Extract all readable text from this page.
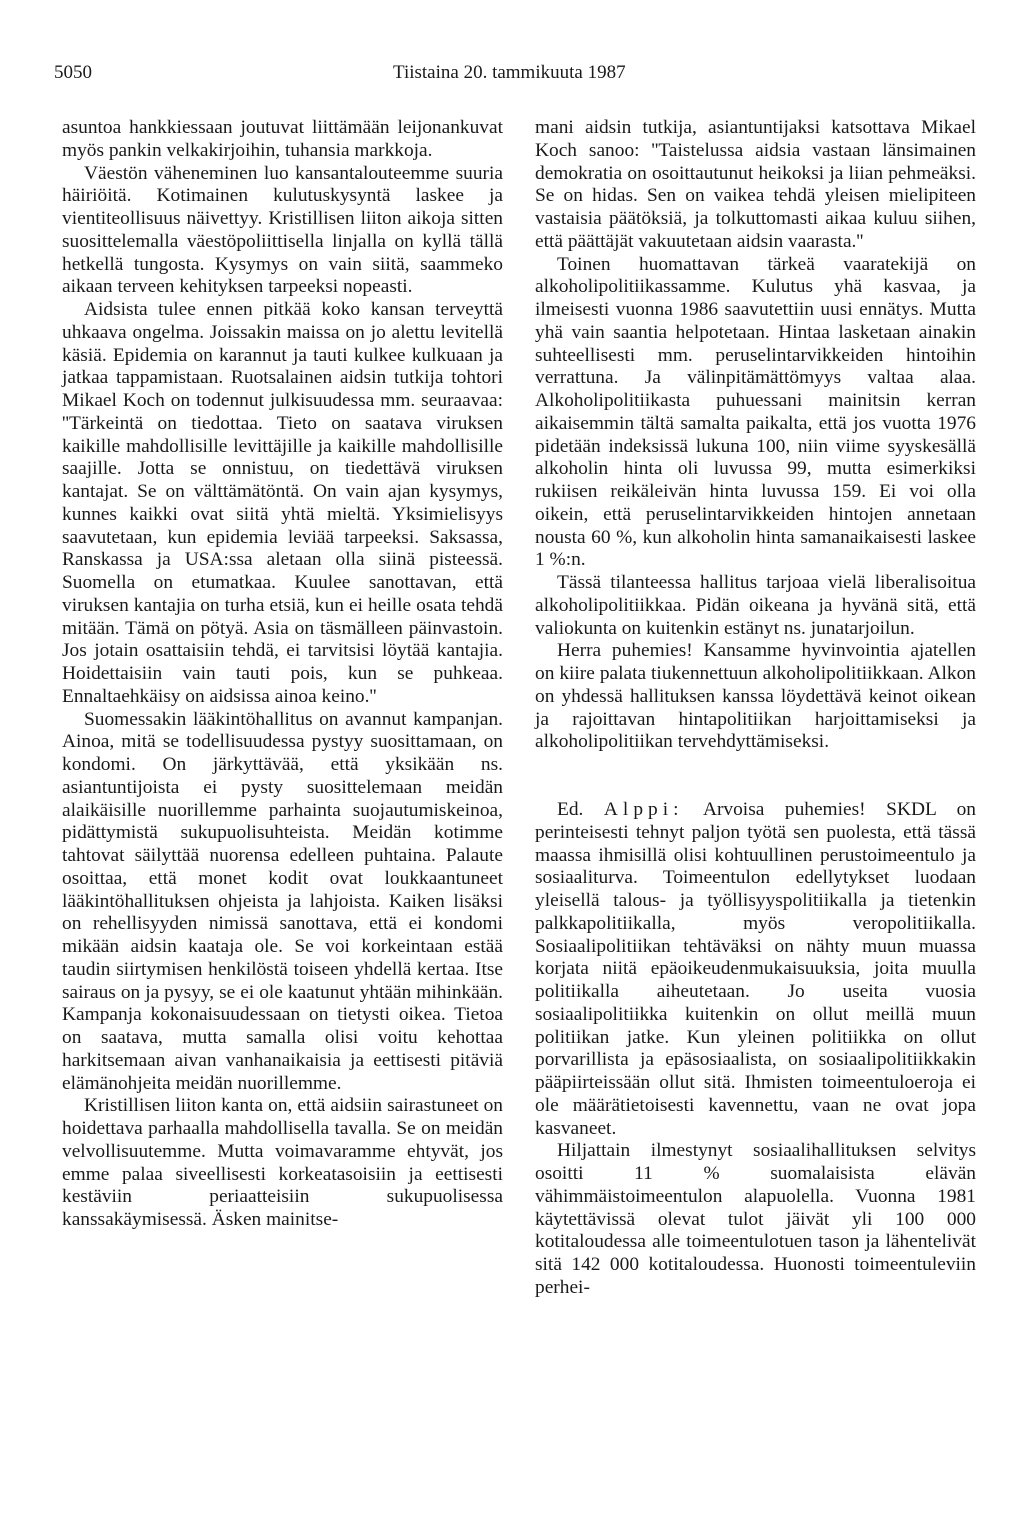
5050	Tiistaina 20. tammikuuta 1987

asuntoa hankkiessaan joutuvat liittämään leijonankuvat myös pankin velkakirjoihin, tuhansia markkoja.

Väestön väheneminen luo kansantalouteemme suuria häiriöitä. Kotimainen kulutuskysyntä laskee ja vientiteollisuus näivettyy. Kristillisen liiton aikoja sitten suosittelemalla väestöpoliittisella linjalla on kyllä tällä hetkellä tungosta. Kysymys on vain siitä, saammeko aikaan terveen kehityksen tarpeeksi nopeasti.

Aidsista tulee ennen pitkää koko kansan terveyttä uhkaava ongelma. Joissakin maissa on jo alettu levitellä käsiä. Epidemia on karannut ja tauti kulkee kulkuaan ja jatkaa tappamistaan. Ruotsalainen aidsin tutkija tohtori Mikael Koch on todennut julkisuudessa mm. seuraavaa: ''Tärkeintä on tiedottaa. Tieto on saatava viruksen kaikille mahdollisille levittäjille ja kaikille mahdollisille saajille. Jotta se onnistuu, on tiedettävä viruksen kantajat. Se on välttämätöntä. On vain ajan kysymys, kunnes kaikki ovat siitä yhtä mieltä. Yksimielisyys saavutetaan, kun epidemia leviää tarpeeksi. Saksassa, Ranskassa ja USA:ssa aletaan olla siinä pisteessä. Suomella on etumatkaa. Kuulee sanottavan, että viruksen kantajia on turha etsiä, kun ei heille osata tehdä mitään. Tämä on pötyä. Asia on täsmälleen päinvastoin. Jos jotain osattaisiin tehdä, ei tarvitsisi löytää kantajia. Hoidettaisiin vain tauti pois, kun se puhkeaa. Ennaltaehkäisy on aidsissa ainoa keino.''

Suomessakin lääkintöhallitus on avannut kampanjan. Ainoa, mitä se todellisuudessa pystyy suosittamaan, on kondomi. On järkyttävää, että yksikään ns. asiantuntijoista ei pysty suosittelemaan meidän alaikäisille nuorillemme parhainta suojautumiskeinoa, pidättymistä sukupuolisuhteista. Meidän kotimme tahtovat säilyttää nuorensa edelleen puhtaina. Palaute osoittaa, että monet kodit ovat loukkaantuneet lääkintöhallituksen ohjeista ja lahjoista. Kaiken lisäksi on rehellisyyden nimissä sanottava, että ei kondomi mikään aidsin kaataja ole. Se voi korkeintaan estää taudin siirtymisen henkilöstä toiseen yhdellä kertaa. Itse sairaus on ja pysyy, se ei ole kaatunut yhtään mihinkään. Kampanja kokonaisuudessaan on tietysti oikea. Tietoa on saatava, mutta samalla olisi voitu kehottaa harkitsemaan aivan vanhanaikaisia ja eettisesti pitäviä elämänohjeita meidän nuorillemme.

Kristillisen liiton kanta on, että aidsiin sairastuneet on hoidettava parhaalla mahdollisella tavalla. Se on meidän velvollisuutemme. Mutta voimavaramme ehtyvät, jos emme palaa siveellisesti korkeatasoisiin ja eettisesti kestäviin periaatteisiin sukupuolisessa kanssakäymisessä. Äsken mainitse-

mani aidsin tutkija, asiantuntijaksi katsottava Mikael Koch sanoo: ''Taistelussa aidsia vastaan länsimainen demokratia on osoittautunut heikoksi ja liian pehmeäksi. Se on hidas. Sen on vaikea tehdä yleisen mielipiteen vastaisia päätöksiä, ja tolkuttomasti aikaa kuluu siihen, että päättäjät vakuutetaan aidsin vaarasta.''

Toinen huomattavan tärkeä vaaratekijä on alkoholipolitiikassamme. Kulutus yhä kasvaa, ja ilmeisesti vuonna 1986 saavutettiin uusi ennätys. Mutta yhä vain saantia helpotetaan. Hintaa lasketaan ainakin suhteellisesti mm. peruselintarvikkeiden hintoihin verrattuna. Ja välinpitämättömyys valtaa alaa. Alkoholipolitiikasta puhuessani mainitsin kerran aikaisemmin tältä samalta paikalta, että jos vuotta 1976 pidetään indeksissä lukuna 100, niin viime syyskesällä alkoholin hinta oli luvussa 99, mutta esimerkiksi rukiisen reikäleivän hinta luvussa 159. Ei voi olla oikein, että peruselintarvikkeiden hintojen annetaan nousta 60 %, kun alkoholin hinta samanaikaisesti laskee 1 %:n.

Tässä tilanteessa hallitus tarjoaa vielä liberalisoitua alkoholipolitiikkaa. Pidän oikeana ja hyvänä sitä, että valiokunta on kuitenkin estänyt ns. junatarjoilun.

Herra puhemies! Kansamme hyvinvointia ajatellen on kiire palata tiukennettuun alkoholipolitiikkaan. Alkon on yhdessä hallituksen kanssa löydettävä keinot oikean ja rajoittavan hintapolitiikan harjoittamiseksi ja alkoholipolitiikan tervehdyttämiseksi.

Ed. Alppi: Arvoisa puhemies! SKDL on perinteisesti tehnyt paljon työtä sen puolesta, että tässä maassa ihmisillä olisi kohtuullinen perustoimeentulo ja sosiaaliturva. Toimeentulon edellytykset luodaan yleisellä talous- ja työllisyyspolitiikalla ja tietenkin palkkapolitiikalla, myös veropolitiikalla. Sosiaalipolitiikan tehtäväksi on nähty muun muassa korjata niitä epäoikeudenmukaisuuksia, joita muulla politiikalla aiheutetaan. Jo useita vuosia sosiaalipolitiikka kuitenkin on ollut meillä muun politiikan jatke. Kun yleinen politiikka on ollut porvarillista ja epäsosiaalista, on sosiaalipolitiikkakin pääpiirteissään ollut sitä. Ihmisten toimeentuloeroja ei ole määrätietoisesti kavennettu, vaan ne ovat jopa kasvaneet.

Hiljattain ilmestynyt sosiaalihallituksen selvitys osoitti 11 % suomalaisista elävän vähimmäistoimeentulon alapuolella. Vuonna 1981 käytettävissä olevat tulot jäivät yli 100 000 kotitaloudessa alle toimeentulotuen tason ja lähentelivät sitä 142 000 kotitaloudessa. Huonosti toimeentuleviin perhei-
